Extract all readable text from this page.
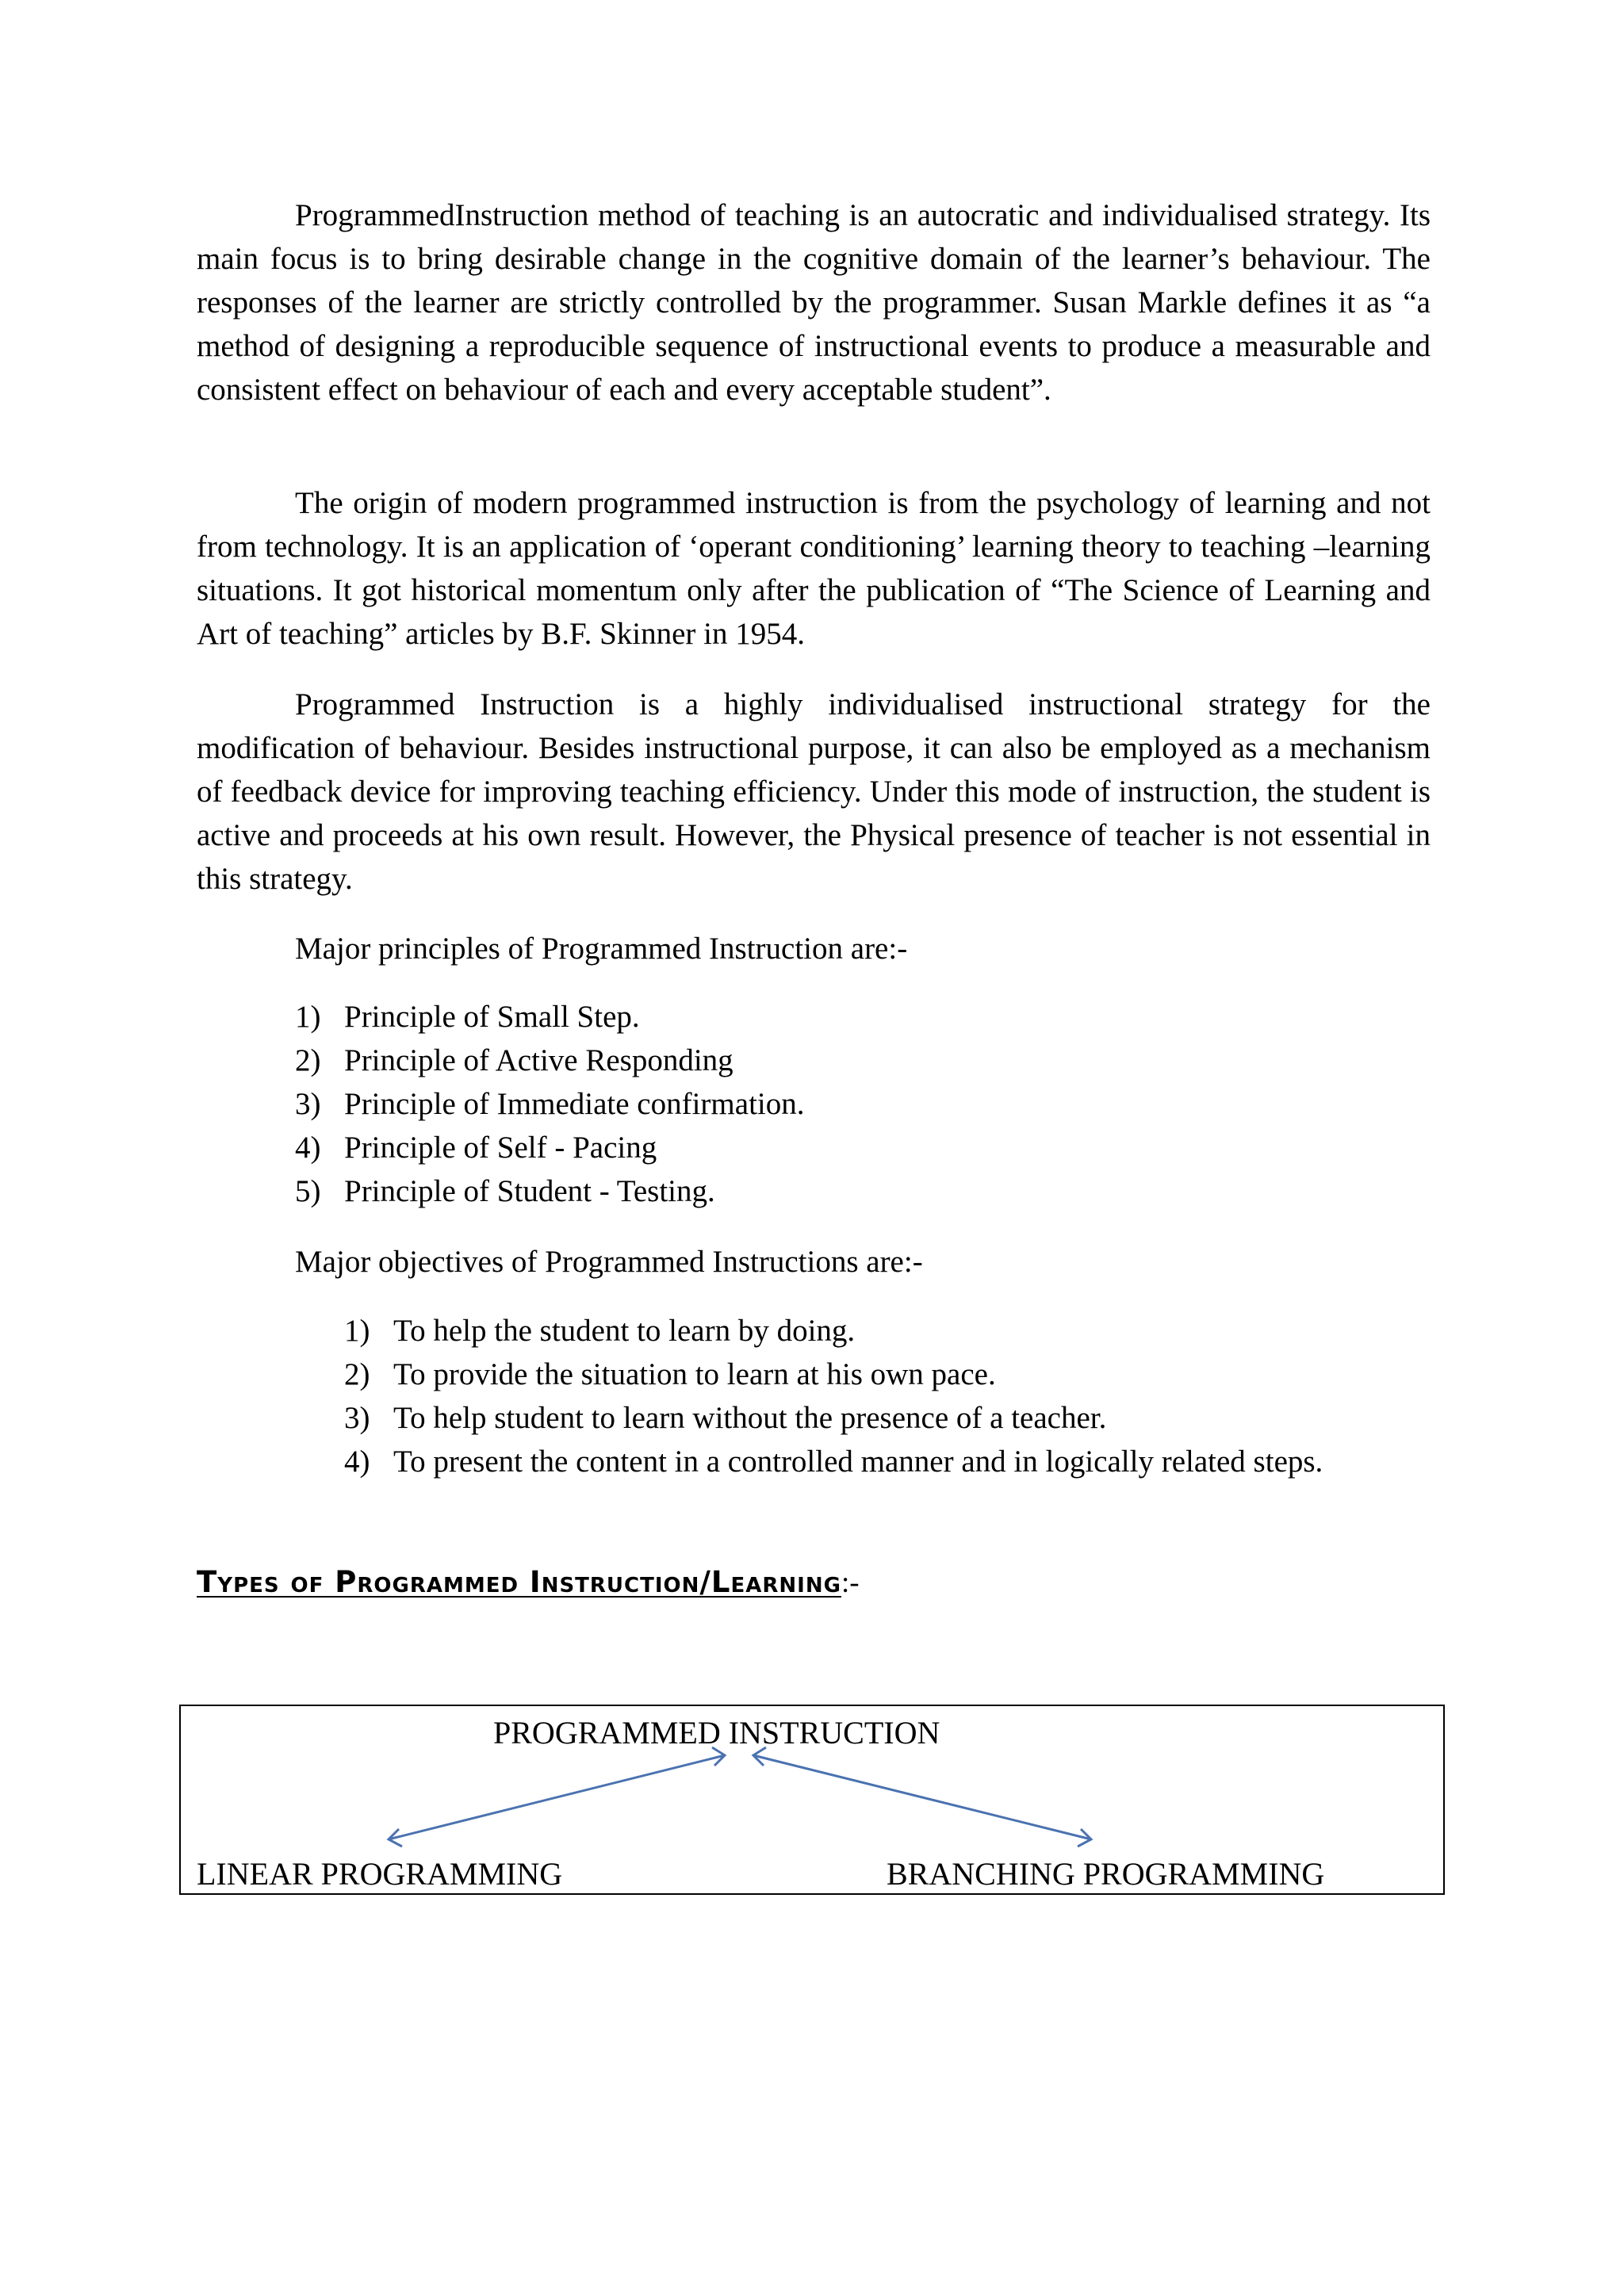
ProgrammedInstruction method of teaching is an autocratic and individualised strategy. Its main focus is to bring desirable change in the cognitive domain of the learner’s behaviour. The responses of the learner are strictly controlled by the programmer. Susan Markle defines it as “a method of designing a reproducible sequence of instructional events to produce a measurable and consistent effect on behaviour of each and every acceptable student”.

The origin of modern programmed instruction is from the psychology of learning and not from technology. It is an application of ‘operant conditioning’ learning theory to teaching –learning situations. It got historical momentum only after the publication of “The Science of Learning and Art of teaching” articles by B.F. Skinner in 1954.

Programmed Instruction is a highly individualised instructional strategy for the modification of behaviour. Besides instructional purpose, it can also be employed as a mechanism of feedback device for improving teaching efficiency. Under this mode of instruction, the student is active and proceeds at his own result. However, the Physical presence of teacher is not essential in this strategy.

Major principles of Programmed Instruction are:-

1) Principle of Small Step.
2) Principle of Active Responding
3) Principle of Immediate confirmation.
4) Principle of Self - Pacing
5) Principle of Student - Testing.

Major objectives of Programmed Instructions are:-

1) To help the student to learn by doing.
2) To provide the situation to learn at his own pace.
3) To help student to learn without the presence of a teacher.
4) To present the content in a controlled manner and in logically related steps.
Types of Programmed Instruction/Learning:-
PROGRAMMED INSTRUCTION
LINEAR PROGRAMMING	BRANCHING PROGRAMMING
